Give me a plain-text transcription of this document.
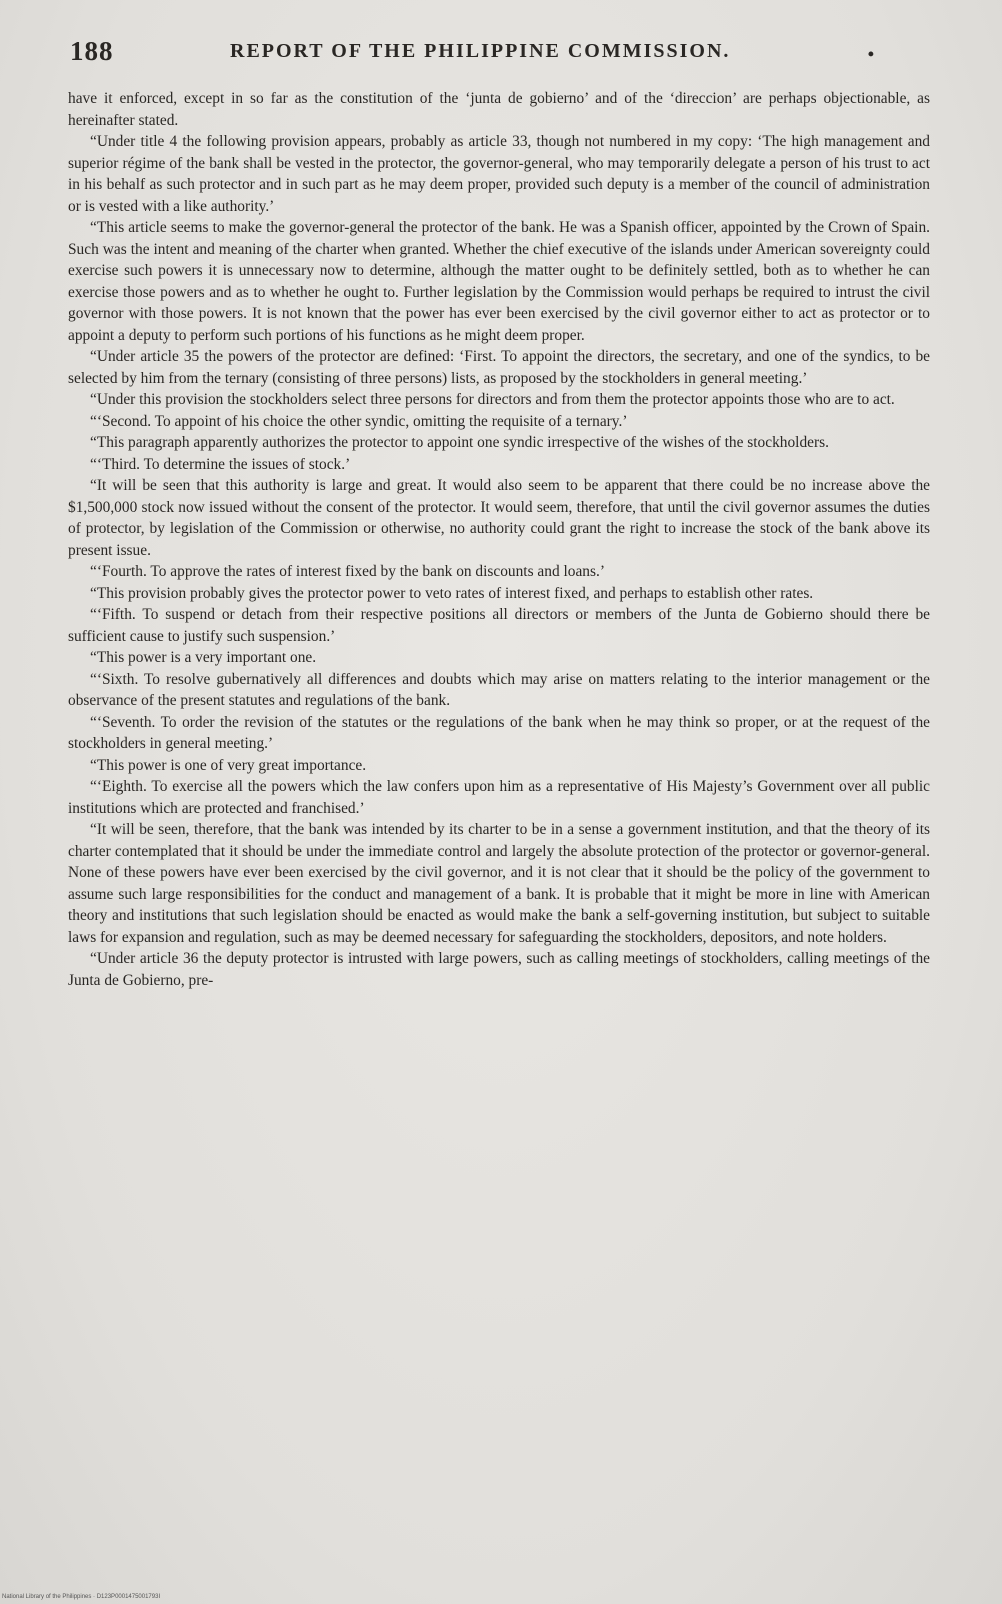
188	REPORT OF THE PHILIPPINE COMMISSION.	•

have it enforced, except in so far as the constitution of the ‘junta de gobierno’ and of the ‘direccion’ are perhaps objectionable, as hereinafter stated.

“Under title 4 the following provision appears, probably as article 33, though not numbered in my copy: ‘The high management and superior régime of the bank shall be vested in the protector, the governor-general, who may temporarily delegate a person of his trust to act in his behalf as such protector and in such part as he may deem proper, provided such deputy is a member of the council of administration or is vested with a like authority.’

“This article seems to make the governor-general the protector of the bank. He was a Spanish officer, appointed by the Crown of Spain. Such was the intent and meaning of the charter when granted. Whether the chief executive of the islands under American sovereignty could exercise such powers it is unnecessary now to determine, although the matter ought to be definitely settled, both as to whether he can exercise those powers and as to whether he ought to. Further legislation by the Commission would perhaps be required to intrust the civil governor with those powers. It is not known that the power has ever been exercised by the civil governor either to act as protector or to appoint a deputy to perform such portions of his functions as he might deem proper.

“Under article 35 the powers of the protector are defined: ‘First. To appoint the directors, the secretary, and one of the syndics, to be selected by him from the ternary (consisting of three persons) lists, as proposed by the stockholders in general meeting.’

“Under this provision the stockholders select three persons for directors and from them the protector appoints those who are to act.

“‘Second. To appoint of his choice the other syndic, omitting the requisite of a ternary.’

“This paragraph apparently authorizes the protector to appoint one syndic irrespective of the wishes of the stockholders.

“‘Third. To determine the issues of stock.’

“It will be seen that this authority is large and great. It would also seem to be apparent that there could be no increase above the $1,500,000 stock now issued without the consent of the protector. It would seem, therefore, that until the civil governor assumes the duties of protector, by legislation of the Commission or otherwise, no authority could grant the right to increase the stock of the bank above its present issue.

“‘Fourth. To approve the rates of interest fixed by the bank on discounts and loans.’

“This provision probably gives the protector power to veto rates of interest fixed, and perhaps to establish other rates.

“‘Fifth. To suspend or detach from their respective positions all directors or members of the Junta de Gobierno should there be sufficient cause to justify such suspension.’

“This power is a very important one.

“‘Sixth. To resolve gubernatively all differences and doubts which may arise on matters relating to the interior management or the observance of the present statutes and regulations of the bank.

“‘Seventh. To order the revision of the statutes or the regulations of the bank when he may think so proper, or at the request of the stockholders in general meeting.’

“This power is one of very great importance.

“‘Eighth. To exercise all the powers which the law confers upon him as a representative of His Majesty’s Government over all public institutions which are protected and franchised.’

“It will be seen, therefore, that the bank was intended by its charter to be in a sense a government institution, and that the theory of its charter contemplated that it should be under the immediate control and largely the absolute protection of the protector or governor-general. None of these powers have ever been exercised by the civil governor, and it is not clear that it should be the policy of the government to assume such large responsibilities for the conduct and management of a bank. It is probable that it might be more in line with American theory and institutions that such legislation should be enacted as would make the bank a self-governing institution, but subject to suitable laws for expansion and regulation, such as may be deemed necessary for safeguarding the stockholders, depositors, and note holders.

“Under article 36 the deputy protector is intrusted with large powers, such as calling meetings of stockholders, calling meetings of the Junta de Gobierno, pre-

National Library of the Philippines · D123P0001475001793I
